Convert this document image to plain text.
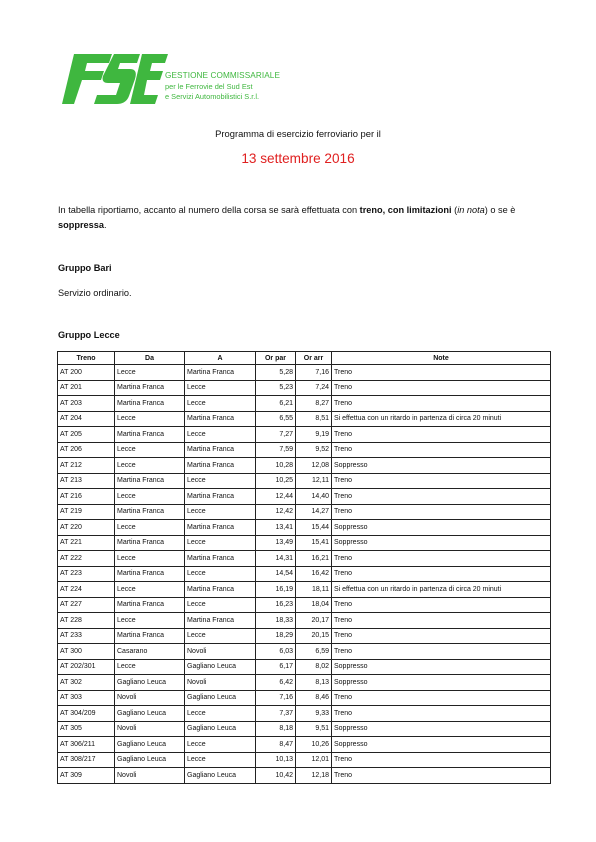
GESTIONE COMMISSARIALE
per le Ferrovie del Sud Est
e Servizi Automobilistici S.r.l.
Programma di esercizio ferroviario per il
13 settembre 2016
In tabella riportiamo, accanto al numero della corsa se sarà effettuata con treno, con limitazioni (in nota) o se è soppressa.
Gruppo Bari
Servizio ordinario.
Gruppo Lecce
Treno	Da	A	Or par	Or arr	Note
AT 200	Lecce	Martina Franca	5,28	7,16	Treno
AT 201	Martina Franca	Lecce	5,23	7,24	Treno
AT 203	Martina Franca	Lecce	6,21	8,27	Treno
AT 204	Lecce	Martina Franca	6,55	8,51	Si effettua con un ritardo in partenza di circa 20 minuti
AT 205	Martina Franca	Lecce	7,27	9,19	Treno
AT 206	Lecce	Martina Franca	7,59	9,52	Treno
AT 212	Lecce	Martina Franca	10,28	12,08	Soppresso
AT 213	Martina Franca	Lecce	10,25	12,11	Treno
AT 216	Lecce	Martina Franca	12,44	14,40	Treno
AT 219	Martina Franca	Lecce	12,42	14,27	Treno
AT 220	Lecce	Martina Franca	13,41	15,44	Soppresso
AT 221	Martina Franca	Lecce	13,49	15,41	Soppresso
AT 222	Lecce	Martina Franca	14,31	16,21	Treno
AT 223	Martina Franca	Lecce	14,54	16,42	Treno
AT 224	Lecce	Martina Franca	16,19	18,11	Si effettua con un ritardo in partenza di circa 20 minuti
AT 227	Martina Franca	Lecce	16,23	18,04	Treno
AT 228	Lecce	Martina Franca	18,33	20,17	Treno
AT 233	Martina Franca	Lecce	18,29	20,15	Treno
AT 300	Casarano	Novoli	6,03	6,59	Treno
AT 202/301	Lecce	Gagliano Leuca	6,17	8,02	Soppresso
AT 302	Gagliano Leuca	Novoli	6,42	8,13	Soppresso
AT 303	Novoli	Gagliano Leuca	7,16	8,46	Treno
AT 304/209	Gagliano Leuca	Lecce	7,37	9,33	Treno
AT 305	Novoli	Gagliano Leuca	8,18	9,51	Soppresso
AT 306/211	Gagliano Leuca	Lecce	8,47	10,26	Soppresso
AT 308/217	Gagliano Leuca	Lecce	10,13	12,01	Treno
AT 309	Novoli	Gagliano Leuca	10,42	12,18	Treno
